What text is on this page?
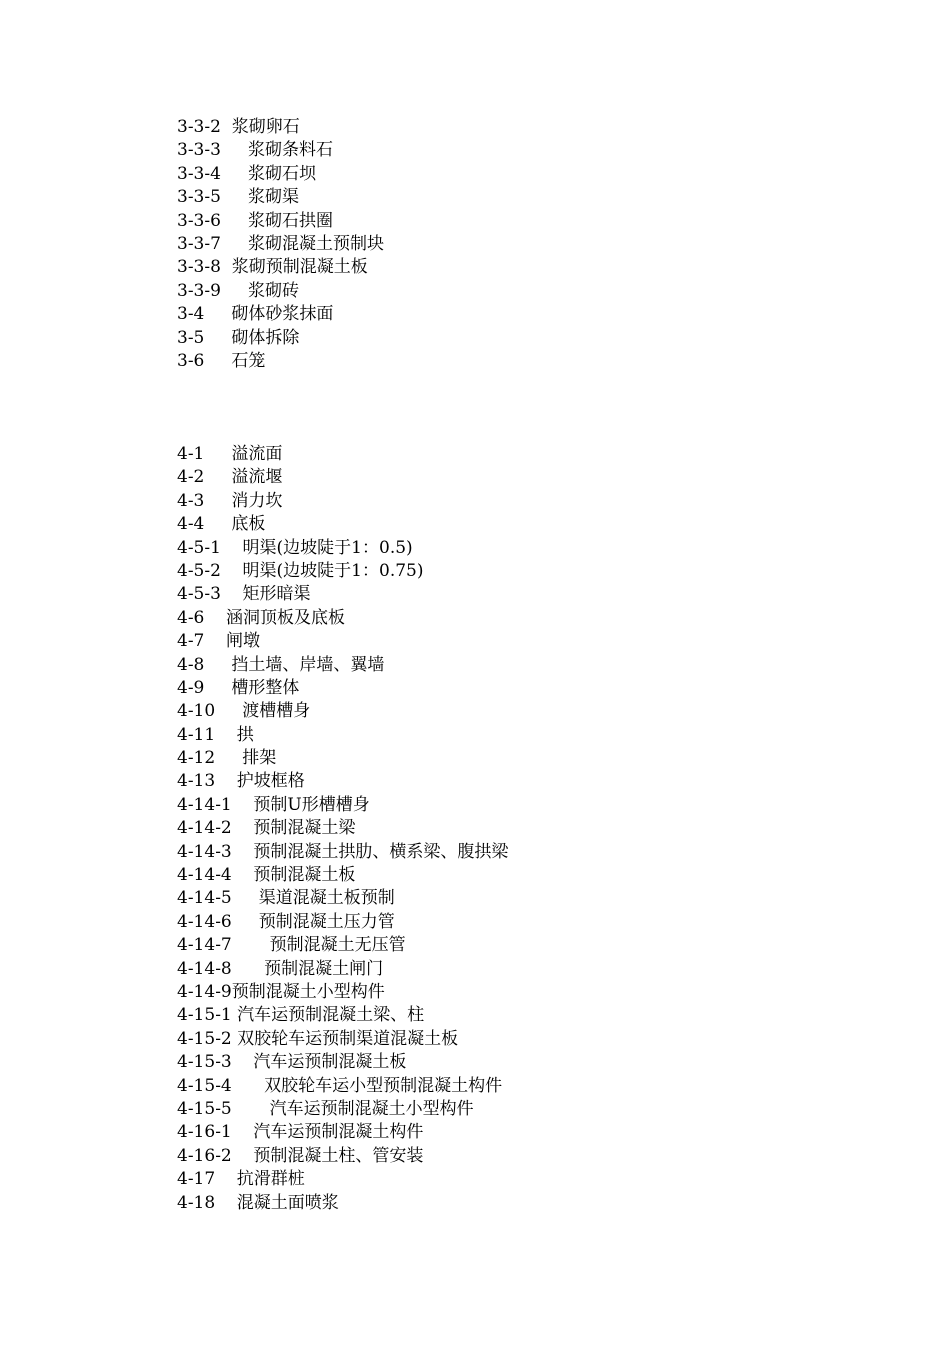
3-3-2  浆砌卵石
3-3-3     浆砌条料石
3-3-4     浆砌石坝
3-3-5     浆砌渠
3-3-6     浆砌石拱圈
3-3-7     浆砌混凝土预制块
3-3-8  浆砌预制混凝土板
3-3-9     浆砌砖
3-4     砌体砂浆抹面
3-5     砌体拆除
3-6     石笼
4-1     溢流面
4-2     溢流堰
4-3     消力坎
4-4     底板
4-5-1    明渠(边坡陡于1：0.5)
4-5-2    明渠(边坡陡于1：0.75)
4-5-3    矩形暗渠
4-6    涵洞顶板及底板
4-7    闸墩
4-8     挡土墙、岸墙、翼墙
4-9     槽形整体
4-10     渡槽槽身
4-11    拱
4-12     排架
4-13    护坡框格
4-14-1    预制U形槽槽身
4-14-2    预制混凝土梁
4-14-3    预制混凝土拱肋、横系梁、腹拱梁
4-14-4    预制混凝土板
4-14-5     渠道混凝土板预制
4-14-6     预制混凝土压力管
4-14-7       预制混凝土无压管
4-14-8      预制混凝土闸门
4-14-9预制混凝土小型构件
4-15-1 汽车运预制混凝土梁、柱
4-15-2 双胶轮车运预制渠道混凝土板
4-15-3    汽车运预制混凝土板
4-15-4      双胶轮车运小型预制混凝土构件
4-15-5       汽车运预制混凝土小型构件
4-16-1    汽车运预制混凝土构件
4-16-2    预制混凝土柱、管安装
4-17    抗滑群桩
4-18    混凝土面喷浆
